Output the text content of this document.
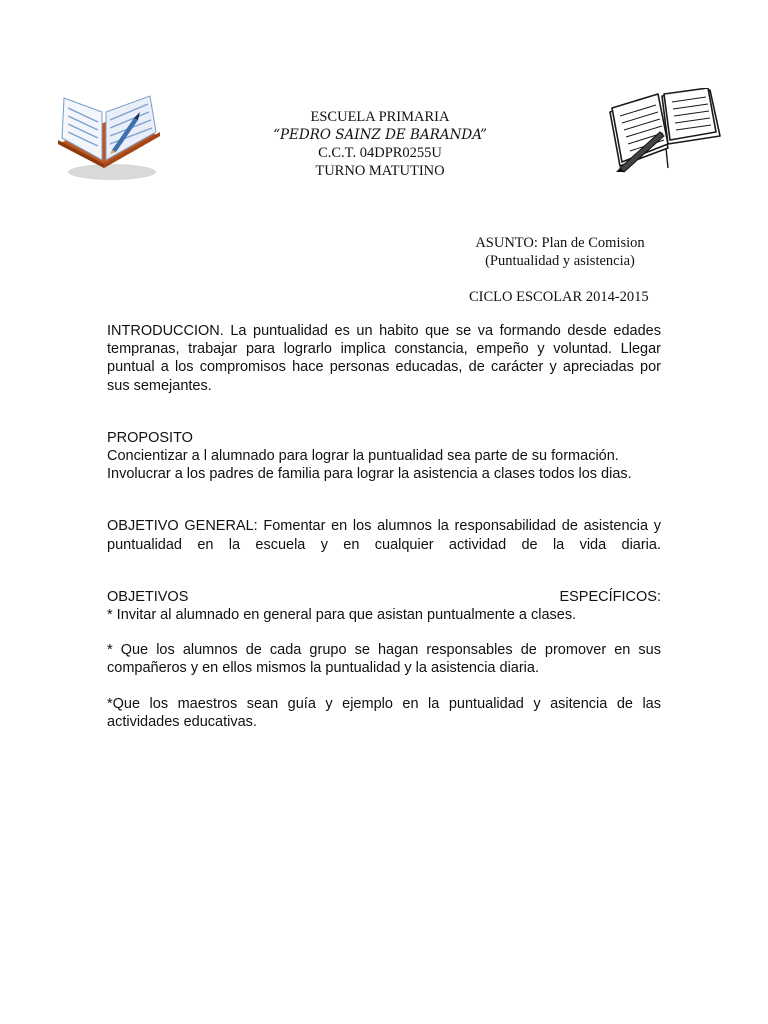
ESCUELA PRIMARIA
“PEDRO SAINZ DE BARANDA”
C.C.T. 04DPR0255U
TURNO MATUTINO
ASUNTO: Plan de Comision
(Puntualidad y asistencia)
CICLO ESCOLAR 2014-2015

INTRODUCCION. La puntualidad es un habito que se va formando desde edades tempranas, trabajar para lograrlo implica constancia, empeño y voluntad. Llegar puntual a los compromisos hace personas educadas, de carácter y apreciadas por sus semejantes.

PROPOSITO

Concientizar a l alumnado para lograr la puntualidad sea parte de su formación.

Involucrar a los padres de familia para lograr la asistencia a clases todos los dias.

OBJETIVO GENERAL: Fomentar en los alumnos la responsabilidad de asistencia y puntualidad en la escuela y en cualquier actividad de la vida diaria.

OBJETIVOS ESPECÍFICOS:

* Invitar al alumnado en general para que asistan puntualmente a clases.

* Que los alumnos de cada grupo se hagan responsables de promover en sus compañeros y en ellos mismos la puntualidad y la asistencia diaria.

*Que los maestros sean guía y ejemplo en la puntualidad y asitencia de las actividades educativas.
